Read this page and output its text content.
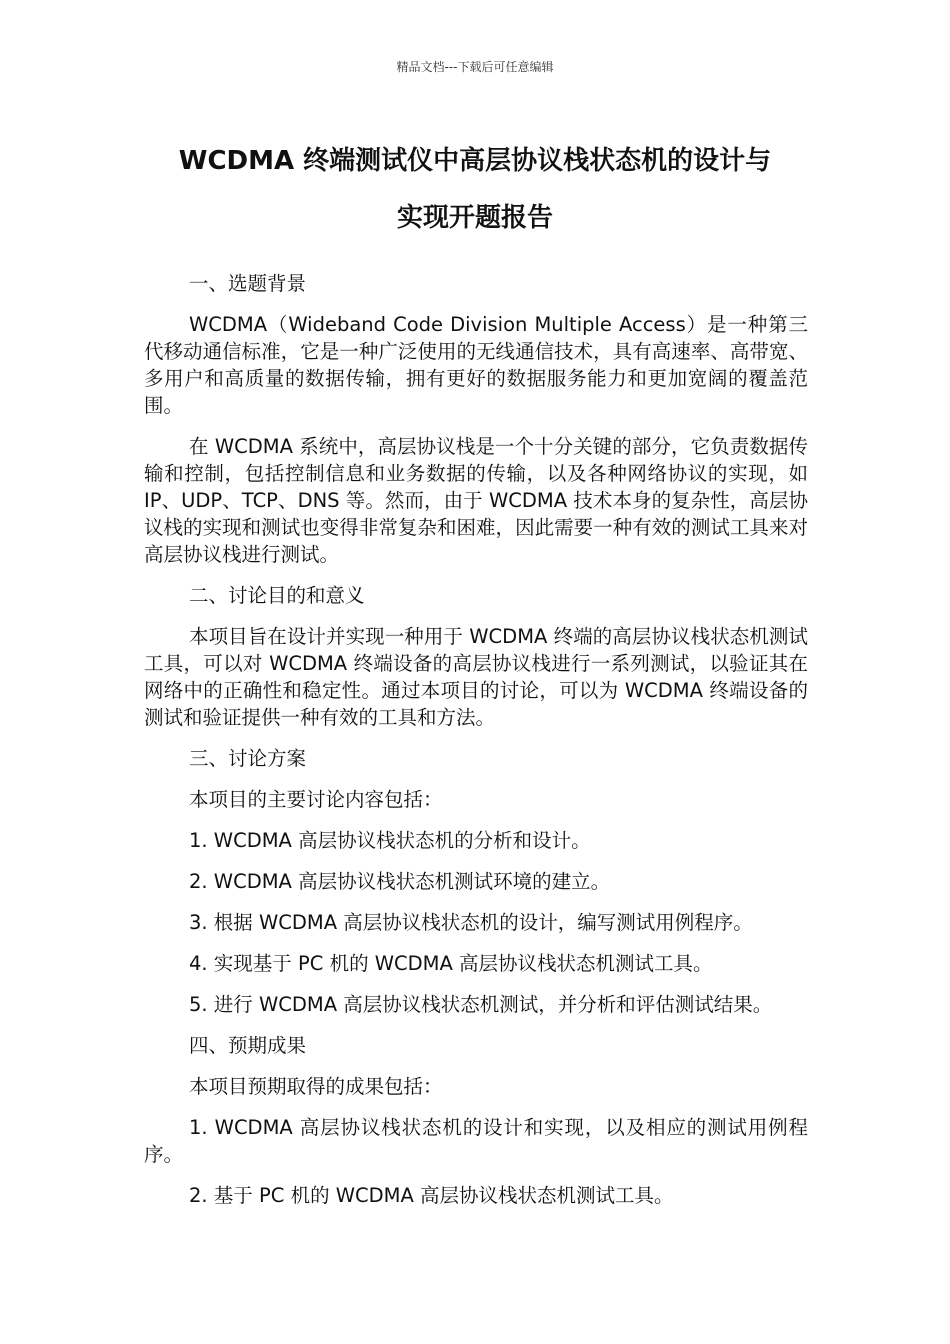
精品文档---下载后可任意编辑
WCDMA 终端测试仪中高层协议栈状态机的设计与
实现开题报告

一、选题背景

WCDMA（Wideband Code Division Multiple Access）是一种第三代移动通信标准，它是一种广泛使用的无线通信技术，具有高速率、高带宽、多用户和高质量的数据传输，拥有更好的数据服务能力和更加宽阔的覆盖范围。

在 WCDMA 系统中，高层协议栈是一个十分关键的部分，它负责数据传输和控制，包括控制信息和业务数据的传输，以及各种网络协议的实现，如 IP、UDP、TCP、DNS 等。然而，由于 WCDMA 技术本身的复杂性，高层协议栈的实现和测试也变得非常复杂和困难，因此需要一种有效的测试工具来对高层协议栈进行测试。

二、讨论目的和意义

本项目旨在设计并实现一种用于 WCDMA 终端的高层协议栈状态机测试工具，可以对 WCDMA 终端设备的高层协议栈进行一系列测试，以验证其在网络中的正确性和稳定性。通过本项目的讨论，可以为 WCDMA 终端设备的测试和验证提供一种有效的工具和方法。

三、讨论方案

本项目的主要讨论内容包括：

1. WCDMA 高层协议栈状态机的分析和设计。

2. WCDMA 高层协议栈状态机测试环境的建立。

3. 根据 WCDMA 高层协议栈状态机的设计，编写测试用例程序。

4. 实现基于 PC 机的 WCDMA 高层协议栈状态机测试工具。

5. 进行 WCDMA 高层协议栈状态机测试，并分析和评估测试结果。

四、预期成果

本项目预期取得的成果包括：

1. WCDMA 高层协议栈状态机的设计和实现，以及相应的测试用例程序。

2. 基于 PC 机的 WCDMA 高层协议栈状态机测试工具。
